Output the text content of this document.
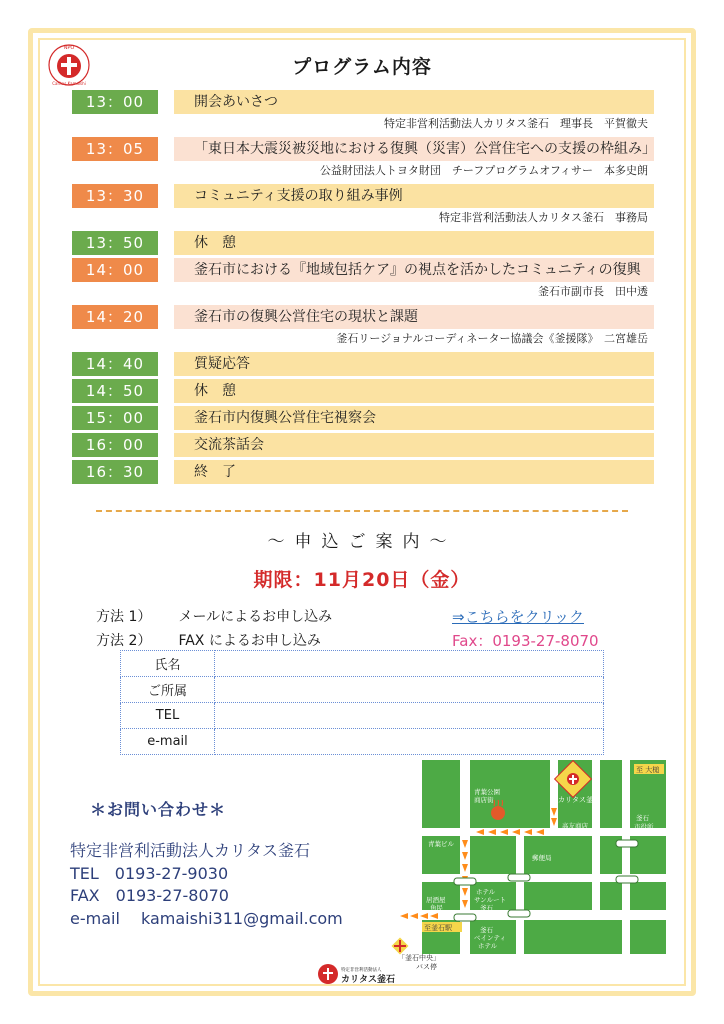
NPO
Caritas Kamaishi
プログラム内容
13：00	開会あいさつ
特定非営利活動法人カリタス釜石　理事長　平賀徹夫
13：05	「東日本大震災被災地における復興（災害）公営住宅への支援の枠組み」
公益財団法人トヨタ財団　チーフプログラムオフィサー　本多史朗
13：30	コミュニティ支援の取り組み事例
特定非営利活動法人カリタス釜石　事務局
13：50	休　憩
14：00	釜石市における『地域包括ケア』の視点を活かしたコミュニティの復興
釜石市副市長　田中透
14：20	釜石市の復興公営住宅の現状と課題
釜石リージョナルコーディネーター協議会《釜援隊》　二宮雄岳
14：40	質疑応答
14：50	休　憩
15：00	釜石市内復興公営住宅視察会
16：00	交流茶話会
16：30	終　了
～申込ご案内～
期限：11月20日（金）
方法 1） メールによるお申し込み	⇒こちらをクリック
方法 2） FAX によるお申し込み	Fax：0193-27-8070
氏名	
ご所属	
TEL	
e-mail	
＊お問い合わせ＊
特定非営利活動法人カリタス釜石
TEL　0193-27-9030
FAX　0193-27-8070
e-mail　 kamaishi311@gmail.com	至釜石駅
至 大槌
カリタス釜石
青葉公園
商店街
青葉ビル
高友商店
釜石
市役所
郵便局
居酒屋
魚民
ホテル
サンルート
釜石
釜石
ベインティ
ホテル
「釜石中央」
バス停
特定非営利活動法人
カリタス釜石
